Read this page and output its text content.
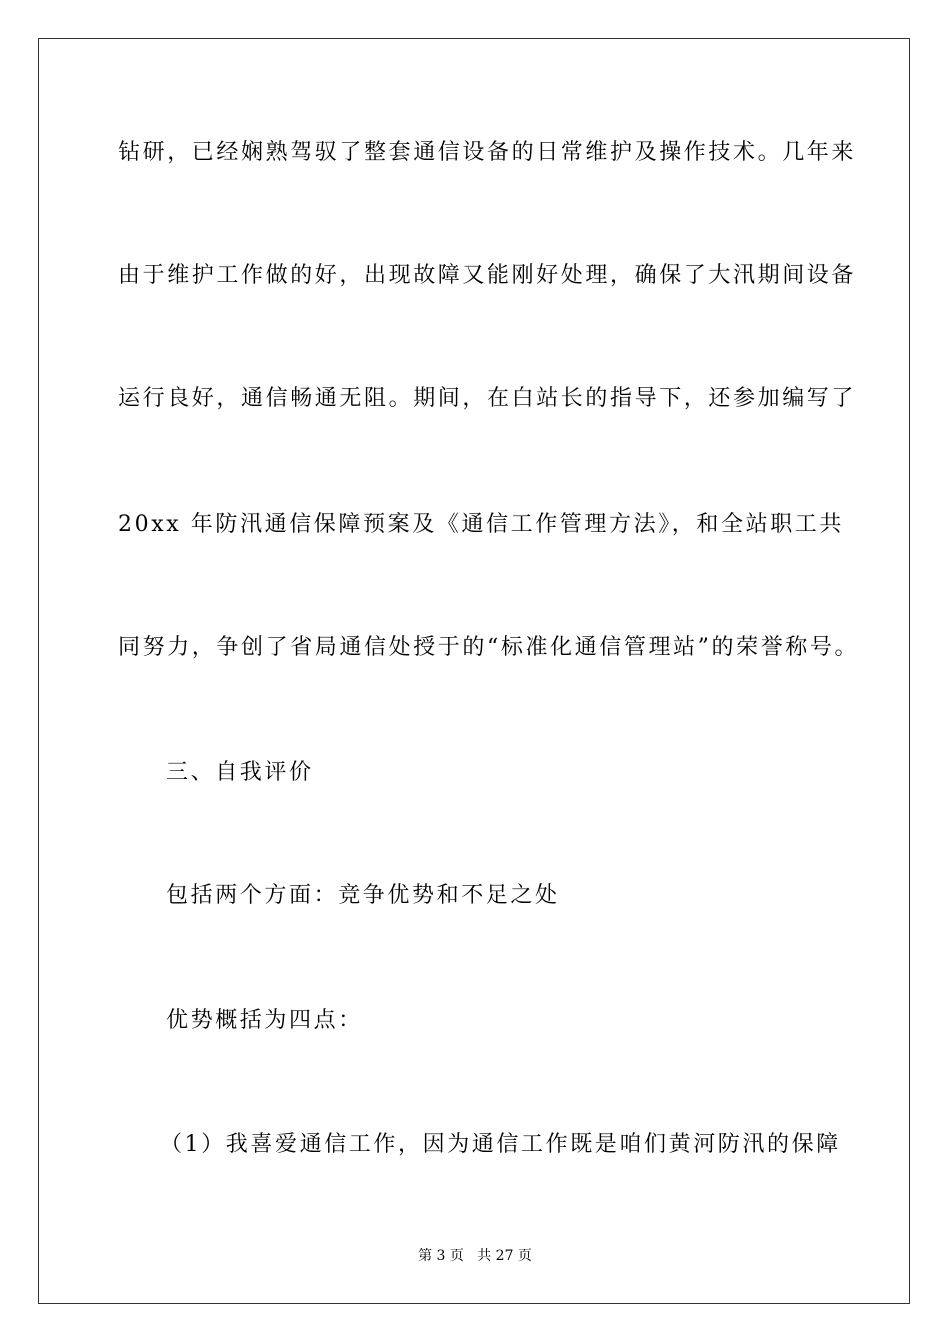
钻研，已经娴熟驾驭了整套通信设备的日常维护及操作技术。几年来
由于维护工作做的好，出现故障又能刚好处理，确保了大汛期间设备
运行良好，通信畅通无阻。期间，在白站长的指导下，还参加编写了
20xx 年防汛通信保障预案及《通信工作管理方法》，和全站职工共
同努力，争创了省局通信处授于的“标准化通信管理站”的荣誉称号。
三、自我评价
包括两个方面：竞争优势和不足之处
优势概括为四点：
（1）我喜爱通信工作，因为通信工作既是咱们黄河防汛的保障
第 3 页   共 27 页
